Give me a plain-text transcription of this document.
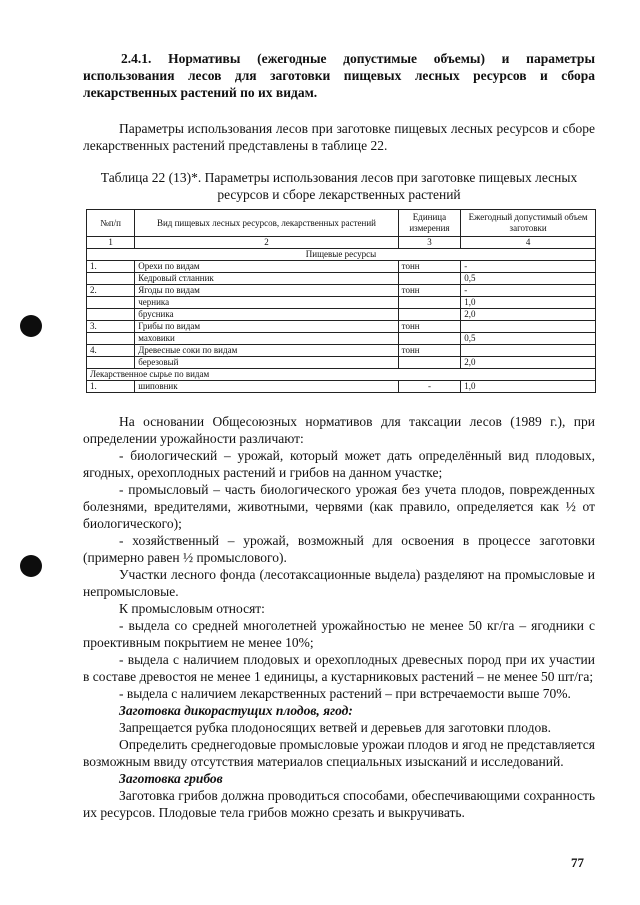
2.4.1. Нормативы (ежегодные допустимые объемы) и параметры использования лесов для заготовки пищевых лесных ресурсов и сбора лекарственных растений по их видам.

Параметры использования лесов при заготовке пищевых лесных ресурсов и сборе лекарственных растений представлены в таблице 22.

Таблица 22 (13)*. Параметры использования лесов при заготовке пищевых лесных ресурсов и сборе лекарственных растений

№п/п	Вид пищевых лесных ресурсов, лекарственных растений	Единица измерения	Ежегодный допустимый объем заготовки
1	2	3	4
Пищевые ресурсы			
1.	Орехи по видам	тонн	-
	Кедровый стланник		0,5
2.	Ягоды по видам	тонн	-
	черника		1,0
	брусника		2,0
3.	Грибы по видам	тонн	
	маховики		0,5
4.	Древесные соки по видам	тонн	
	березовый		2,0
Лекарственное сырье по видам			
1.	шиповник	-	1,0

На основании Общесоюзных нормативов для таксации лесов (1989 г.), при определении урожайности различают:

- биологический – урожай, который может дать определённый вид плодовых, ягодных, орехоплодных растений и грибов на данном участке;

- промысловый – часть биологического урожая без учета плодов, поврежденных болезнями, вредителями, животными, червями (как правило, определяется как ½ от биологического);

- хозяйственный – урожай, возможный для освоения в процессе заготовки (примерно равен ½ промыслового).

Участки лесного фонда (лесотаксационные выдела) разделяют на промысловые и непромысловые.

К промысловым относят:

- выдела со средней многолетней урожайностью не менее 50 кг/га – ягодники с проективным покрытием не менее 10%;

- выдела с наличием плодовых и орехоплодных древесных пород при их участии в составе древостоя не менее 1 единицы, а кустарниковых растений – не менее 50 шт/га;

- выдела с наличием лекарственных растений – при встречаемости выше 70%.

Заготовка дикорастущих плодов, ягод:

Запрещается рубка плодоносящих ветвей и деревьев для заготовки плодов.

Определить среднегодовые промысловые урожаи плодов и ягод не представляется возможным ввиду отсутствия материалов специальных изысканий и исследований.

Заготовка грибов

Заготовка грибов должна проводиться способами, обеспечивающими сохранность их ресурсов. Плодовые тела грибов можно срезать и выкручивать.

77
